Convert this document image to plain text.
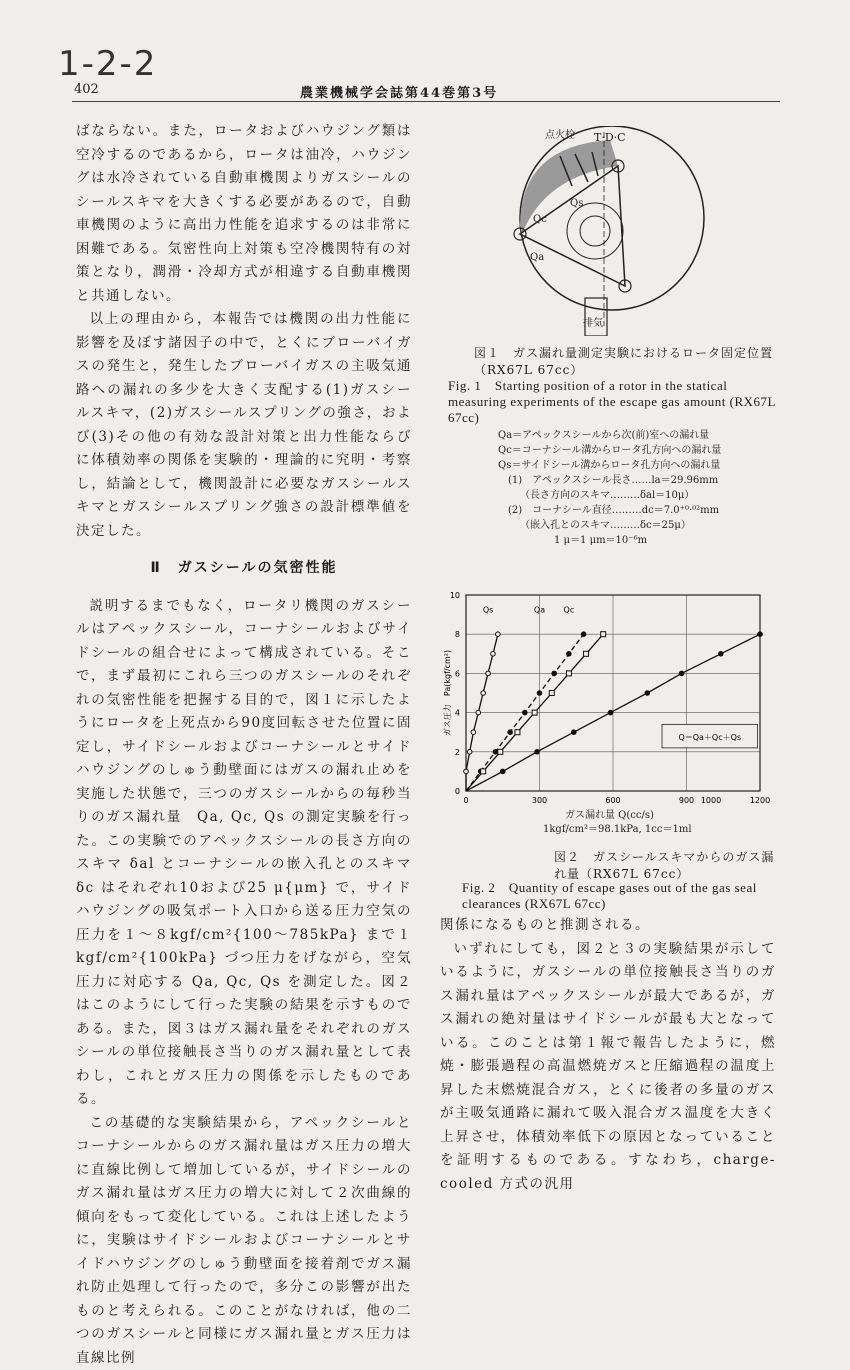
1-2-2
402	農業機械学会誌第44巻第3号

ばならない。また，ロータおよびハウジング類は空冷するのであるから，ロータは油冷，ハウジングは水冷されている自動車機関よりガスシールのシールスキマを大きくする必要があるので，自動車機関のように高出力性能を追求するのは非常に困難である。気密性向上対策も空冷機関特有の対策となり，潤滑・冷却方式が相違する自動車機関と共通しない。

以上の理由から，本報告では機関の出力性能に影響を及ぼす諸因子の中で，とくにブローバイガスの発生と，発生したブローバイガスの主吸気通路への漏れの多少を大きく支配する(1)ガスシールスキマ，(2)ガスシールスプリングの強さ，および(3)その他の有効な設計対策と出力性能ならびに体積効率の関係を実験的・理論的に究明・考察し，結論として，機関設計に必要なガスシールスキマとガスシールスプリング強さの設計標準値を決定した。

Ⅱ　ガスシールの気密性能

説明するまでもなく，ロータリ機関のガスシールはアペックスシール，コーナシールおよびサイドシールの組合せによって構成されている。そこで，まず最初にこれら三つのガスシールのそれぞれの気密性能を把握する目的で，図１に示したようにロータを上死点から90度回転させた位置に固定し，サイドシールおよびコーナシールとサイドハウジングのしゅう動壁面にはガスの漏れ止めを実施した状態で，三つのガスシールからの毎秒当りのガス漏れ量　Qa, Qc, Qs の測定実験を行った。この実験でのアペックスシールの長さ方向のスキマ δal とコーナシールの嵌入孔とのスキマ δc はそれぞれ10および25 μ{μm} で，サイドハウジングの吸気ポート入口から送る圧力空気の圧力を１～８kgf/cm²{100～785kPa} まで１kgf/cm²{100kPa} づつ圧力をげながら，空気圧力に対応する Qa, Qc, Qs を測定した。図２はこのようにして行った実験の結果を示すものである。また，図３はガス漏れ量をそれぞれのガスシールの単位接触長さ当りのガス漏れ量として表わし，これとガス圧力の関係を示したものである。

この基礎的な実験結果から，アペックシールとコーナシールからのガス漏れ量はガス圧力の増大に直線比例して増加しているが，サイドシールのガス漏れ量はガス圧力の増大に対して２次曲線的傾向をもって変化している。これは上述したように，実験はサイドシールおよびコーナシールとサイドハウジングのしゅう動壁面を接着剤でガス漏れ防止処理して行ったので，多分この影響が出たものと考えられる。このことがなければ，他の二つのガスシールと同様にガス漏れ量とガス圧力は直線比例

点火栓 T·D·C
Qa
Qc
Qs
排気
図１　ガス漏れ量測定実験におけるロータ固定位置（RX67L 67cc）
Fig. 1　Starting position of a rotor in the statical measuring experiments of the escape gas amount (RX67L 67cc)
Qa＝アペックスシールから次(前)室への漏れ量
Qc＝コーナシール溝からロータ孔方向への漏れ量
Qs＝サイドシール溝からロータ孔方向への漏れ量
(1)　アペックスシール長さ……la＝29.96mm
（長さ方向のスキマ………δal＝10μ）
(2)　コーナシール直径………dc＝7.0⁺⁰·⁰²mm
（嵌入孔とのスキマ………δc＝25μ）
1 μ＝1 μm＝10⁻⁶m
0	300	600	900 1000	1200
0
2
4
6
8
10
ガス圧力　Pa(kgf/cm²)
Qs	Qa Qc
Q＝Qa＋Qc＋Qs
ガス漏れ量 Q(cc/s)
1kgf/cm²＝98.1kPa, 1cc＝1ml
図２　ガスシールスキマからのガス漏れ量（RX67L 67cc）
Fig. 2　Quantity of escape gases out of the gas seal clearances (RX67L 67cc)

関係になるものと推測される。

いずれにしても，図２と３の実験結果が示しているように，ガスシールの単位接触長さ当りのガス漏れ量はアペックスシールが最大であるが，ガス漏れの絶対量はサイドシールが最も大となっている。このことは第１報で報告したように，燃焼・膨張過程の高温燃焼ガスと圧縮過程の温度上昇した末燃焼混合ガス，とくに後者の多量のガスが主吸気通路に漏れて吸入混合ガス温度を大きく上昇させ，体積効率低下の原因となっていることを証明するものである。すなわち，charge-cooled 方式の汎用
